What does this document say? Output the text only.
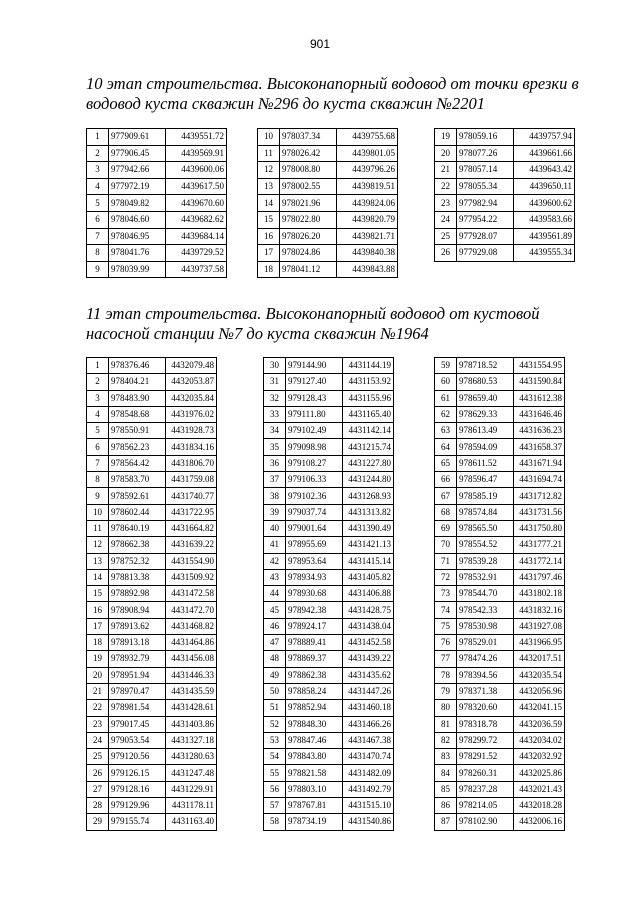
901
10 этап строительства. Высоконапорный водовод от точки врезки в водовод куста скважин №296 до куста скважин №2201
1	977909.61	4439551.72
2	977906.45	4439569.91
3	977942.66	4439600.06
4	977972.19	4439617.50
5	978049.82	4439670.60
6	978046.60	4439682.62
7	978046.95	4439684.14
8	978041.76	4439729.52
9	978039.99	4439737.58
10	978037.34	4439755.68
11	978026.42	4439801.05
12	978008.80	4439796.26
13	978002.55	4439819.51
14	978021.96	4439824.06
15	978022.80	4439820.79
16	978026.20	4439821.71
17	978024.86	4439840.38
18	978041.12	4439843.88
19	978059.16	4439757.94
20	978077.26	4439661.66
21	978057.14	4439643.42
22	978055.34	4439650.11
23	977982.94	4439600.62
24	977954.22	4439583.66
25	977928.07	4439561.89
26	977929.08	4439555.34
11 этап строительства. Высоконапорный водовод от кустовой насосной станции №7 до куста скважин №1964
1	978376.46	4432079.48
2	978404.21	4432053.87
3	978483.90	4432035.84
4	978548.68	4431976.02
5	978550.91	4431928.73
6	978562.23	4431834.16
7	978564.42	4431806.70
8	978583.70	4431759.08
9	978592.61	4431740.77
10	978602.44	4431722.95
11	978640.19	4431664.82
12	978662.38	4431639.22
13	978752.32	4431554.90
14	978813.38	4431509.92
15	978892.98	4431472.58
16	978908.94	4431472.70
17	978913.62	4431468.82
18	978913.18	4431464.86
19	978932.79	4431456.08
20	978951.94	4431446.33
21	978970.47	4431435.59
22	978981.54	4431428.61
23	979017.45	4431403.86
24	979053.54	4431327.18
25	979120.56	4431280.63
26	979126.15	4431247.48
27	979128.16	4431229.91
28	979129.96	4431178.11
29	979155.74	4431163.40
30	979144.90	4431144.19
31	979127.40	4431153.92
32	979128.43	4431155.96
33	979111.80	4431165.40
34	979102.49	4431142.14
35	979098.98	4431215.74
36	979108.27	4431227.80
37	979106.33	4431244.80
38	979102.36	4431268.93
39	979037.74	4431313.82
40	979001.64	4431390.49
41	978955.69	4431421.13
42	978953.64	4431415.14
43	978934.93	4431405.82
44	978930.68	4431406.88
45	978942.38	4431428.75
46	978924.17	4431438.04
47	978889.41	4431452.58
48	978869.37	4431439.22
49	978862.38	4431435.62
50	978858.24	4431447.26
51	978852.94	4431460.18
52	978848.30	4431466.26
53	978847.46	4431467.38
54	978843.80	4431470.74
55	978821.58	4431482.09
56	978803.10	4431492.79
57	978767.81	4431515.10
58	978734.19	4431540.86
59	978718.52	4431554.95
60	978680.53	4431590.84
61	978659.40	4431612.38
62	978629.33	4431646.46
63	978613.49	4431636.23
64	978594.09	4431658.37
65	978611.52	4431671.94
66	978596.47	4431694.74
67	978585.19	4431712.82
68	978574.84	4431731.56
69	978565.50	4431750.80
70	978554.52	4431777.21
71	978539.28	4431772.14
72	978532.91	4431797.46
73	978544.70	4431802.18
74	978542.33	4431832.16
75	978530.98	4431927.08
76	978529.01	4431966.95
77	978474.26	4432017.51
78	978394.56	4432035.54
79	978371.38	4432056.96
80	978320.60	4432041.15
81	978318.78	4432036.59
82	978299.72	4432034.02
83	978291.52	4432032.92
84	978260.31	4432025.86
85	978237.28	4432021.43
86	978214.05	4432018.28
87	978102.90	4432006.16
